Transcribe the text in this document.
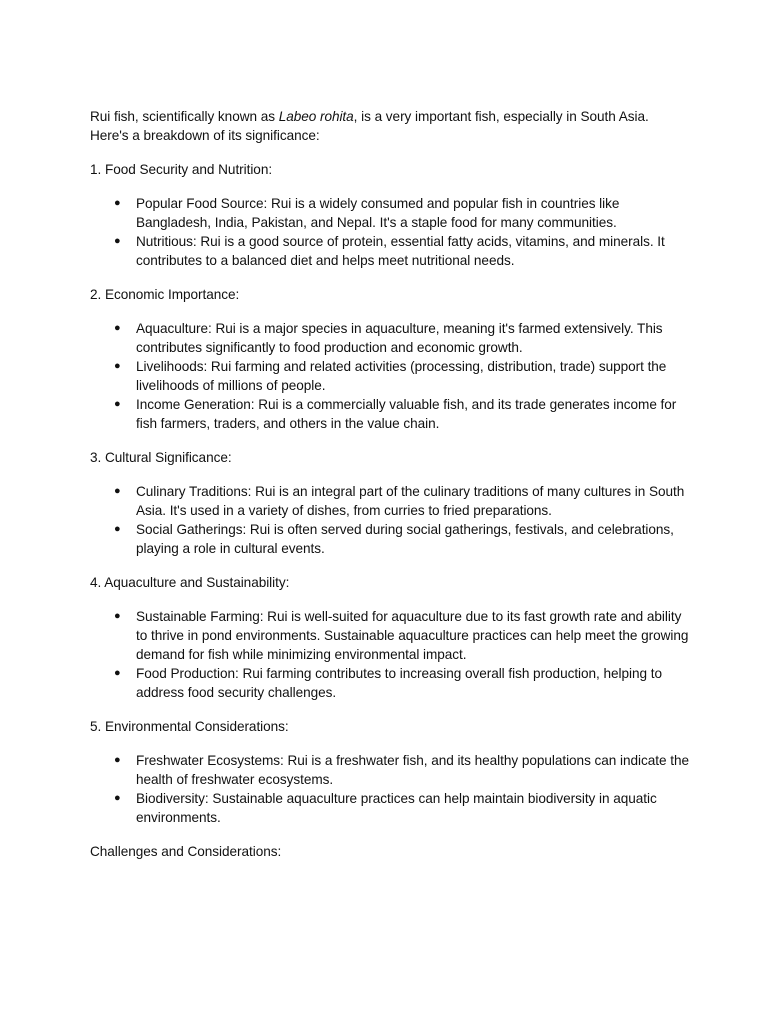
Rui fish, scientifically known as Labeo rohita, is a very important fish, especially in South Asia. Here's a breakdown of its significance:

1. Food Security and Nutrition:

● Popular Food Source: Rui is a widely consumed and popular fish in countries like Bangladesh, India, Pakistan, and Nepal. It's a staple food for many communities.
● Nutritious: Rui is a good source of protein, essential fatty acids, vitamins, and minerals. It contributes to a balanced diet and helps meet nutritional needs.

2. Economic Importance:

● Aquaculture: Rui is a major species in aquaculture, meaning it's farmed extensively. This contributes significantly to food production and economic growth.
● Livelihoods: Rui farming and related activities (processing, distribution, trade) support the livelihoods of millions of people.
● Income Generation: Rui is a commercially valuable fish, and its trade generates income for fish farmers, traders, and others in the value chain.

3. Cultural Significance:

● Culinary Traditions: Rui is an integral part of the culinary traditions of many cultures in South Asia. It's used in a variety of dishes, from curries to fried preparations.
● Social Gatherings: Rui is often served during social gatherings, festivals, and celebrations, playing a role in cultural events.

4. Aquaculture and Sustainability:

● Sustainable Farming: Rui is well-suited for aquaculture due to its fast growth rate and ability to thrive in pond environments. Sustainable aquaculture practices can help meet the growing demand for fish while minimizing environmental impact.
● Food Production: Rui farming contributes to increasing overall fish production, helping to address food security challenges.

5. Environmental Considerations:

● Freshwater Ecosystems: Rui is a freshwater fish, and its healthy populations can indicate the health of freshwater ecosystems.
● Biodiversity: Sustainable aquaculture practices can help maintain biodiversity in aquatic environments.

Challenges and Considerations:
